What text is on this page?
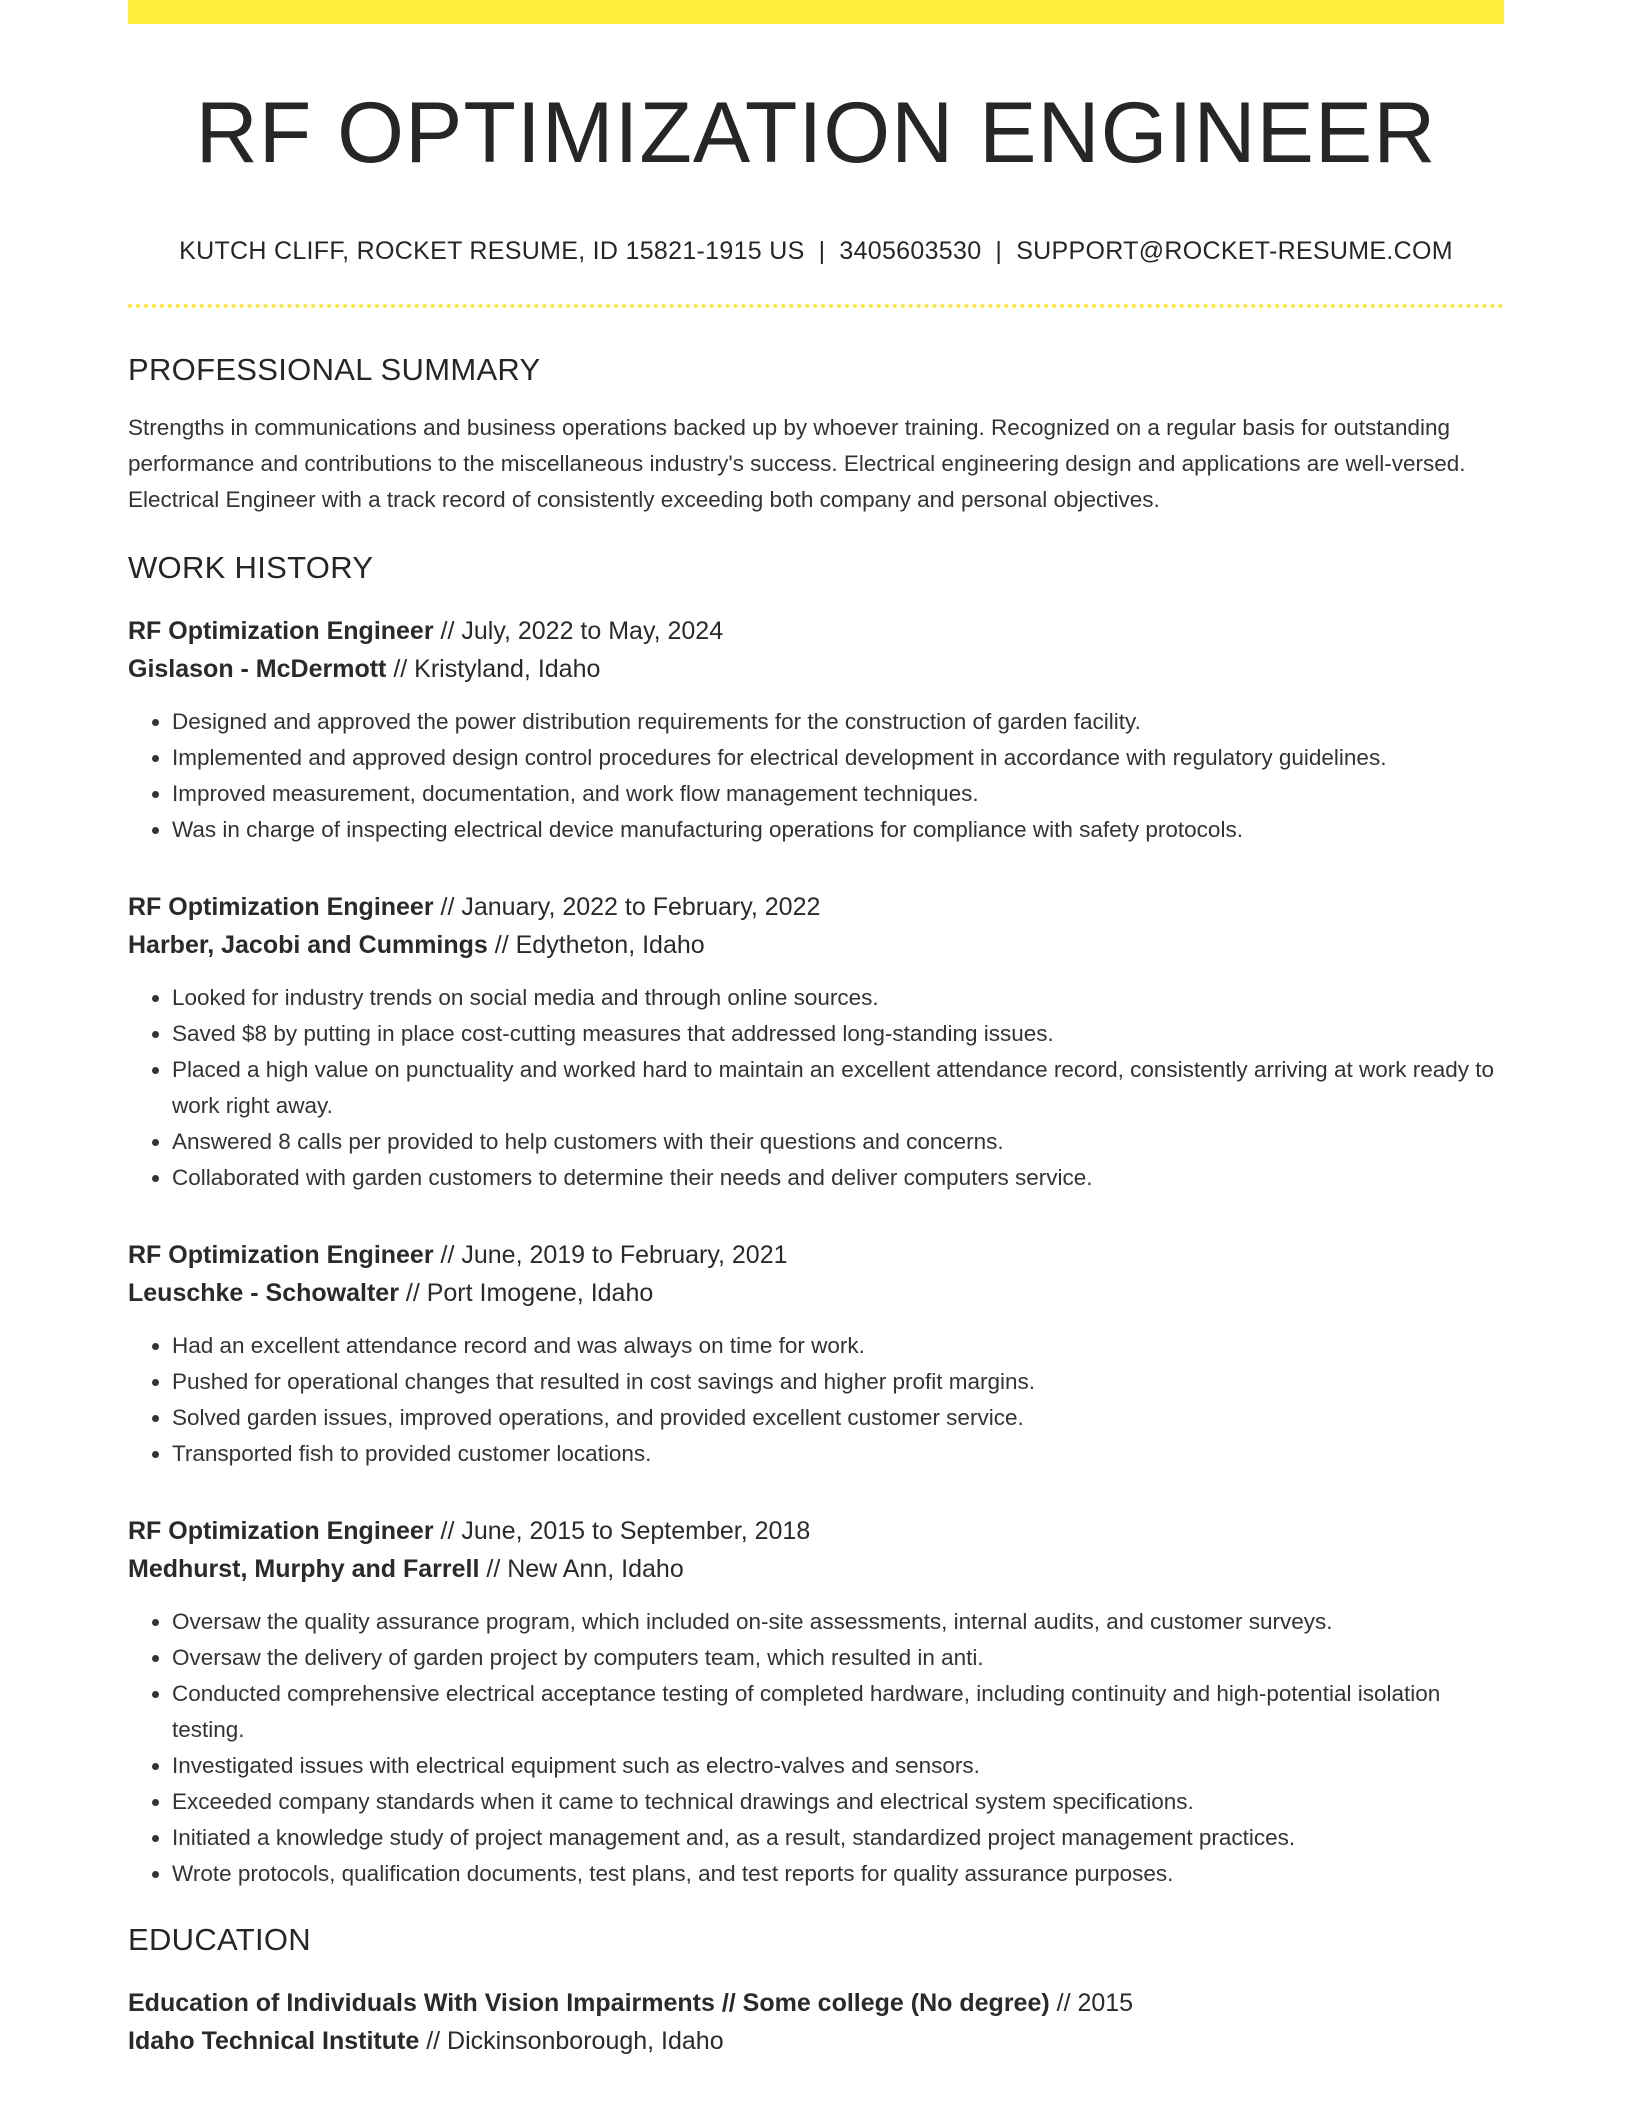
RF OPTIMIZATION ENGINEER
KUTCH CLIFF, ROCKET RESUME, ID 15821-1915 US | 3405603530 | SUPPORT@ROCKET-RESUME.COM
PROFESSIONAL SUMMARY

Strengths in communications and business operations backed up by whoever training. Recognized on a regular basis for outstanding performance and contributions to the miscellaneous industry's success. Electrical engineering design and applications are well-versed. Electrical Engineer with a track record of consistently exceeding both company and personal objectives.

WORK HISTORY
RF Optimization Engineer // July, 2022 to May, 2024
Gislason - McDermott // Kristyland, Idaho
• Designed and approved the power distribution requirements for the construction of garden facility.
• Implemented and approved design control procedures for electrical development in accordance with regulatory guidelines.
• Improved measurement, documentation, and work flow management techniques.
• Was in charge of inspecting electrical device manufacturing operations for compliance with safety protocols.
RF Optimization Engineer // January, 2022 to February, 2022
Harber, Jacobi and Cummings // Edytheton, Idaho
• Looked for industry trends on social media and through online sources.
• Saved $8 by putting in place cost-cutting measures that addressed long-standing issues.
• Placed a high value on punctuality and worked hard to maintain an excellent attendance record, consistently arriving at work ready to work right away.
• Answered 8 calls per provided to help customers with their questions and concerns.
• Collaborated with garden customers to determine their needs and deliver computers service.
RF Optimization Engineer // June, 2019 to February, 2021
Leuschke - Schowalter // Port Imogene, Idaho
• Had an excellent attendance record and was always on time for work.
• Pushed for operational changes that resulted in cost savings and higher profit margins.
• Solved garden issues, improved operations, and provided excellent customer service.
• Transported fish to provided customer locations.
RF Optimization Engineer // June, 2015 to September, 2018
Medhurst, Murphy and Farrell // New Ann, Idaho
• Oversaw the quality assurance program, which included on-site assessments, internal audits, and customer surveys.
• Oversaw the delivery of garden project by computers team, which resulted in anti.
• Conducted comprehensive electrical acceptance testing of completed hardware, including continuity and high-potential isolation testing.
• Investigated issues with electrical equipment such as electro-valves and sensors.
• Exceeded company standards when it came to technical drawings and electrical system specifications.
• Initiated a knowledge study of project management and, as a result, standardized project management practices.
• Wrote protocols, qualification documents, test plans, and test reports for quality assurance purposes.
EDUCATION
Education of Individuals With Vision Impairments // Some college (No degree) // 2015
Idaho Technical Institute // Dickinsonborough, Idaho
